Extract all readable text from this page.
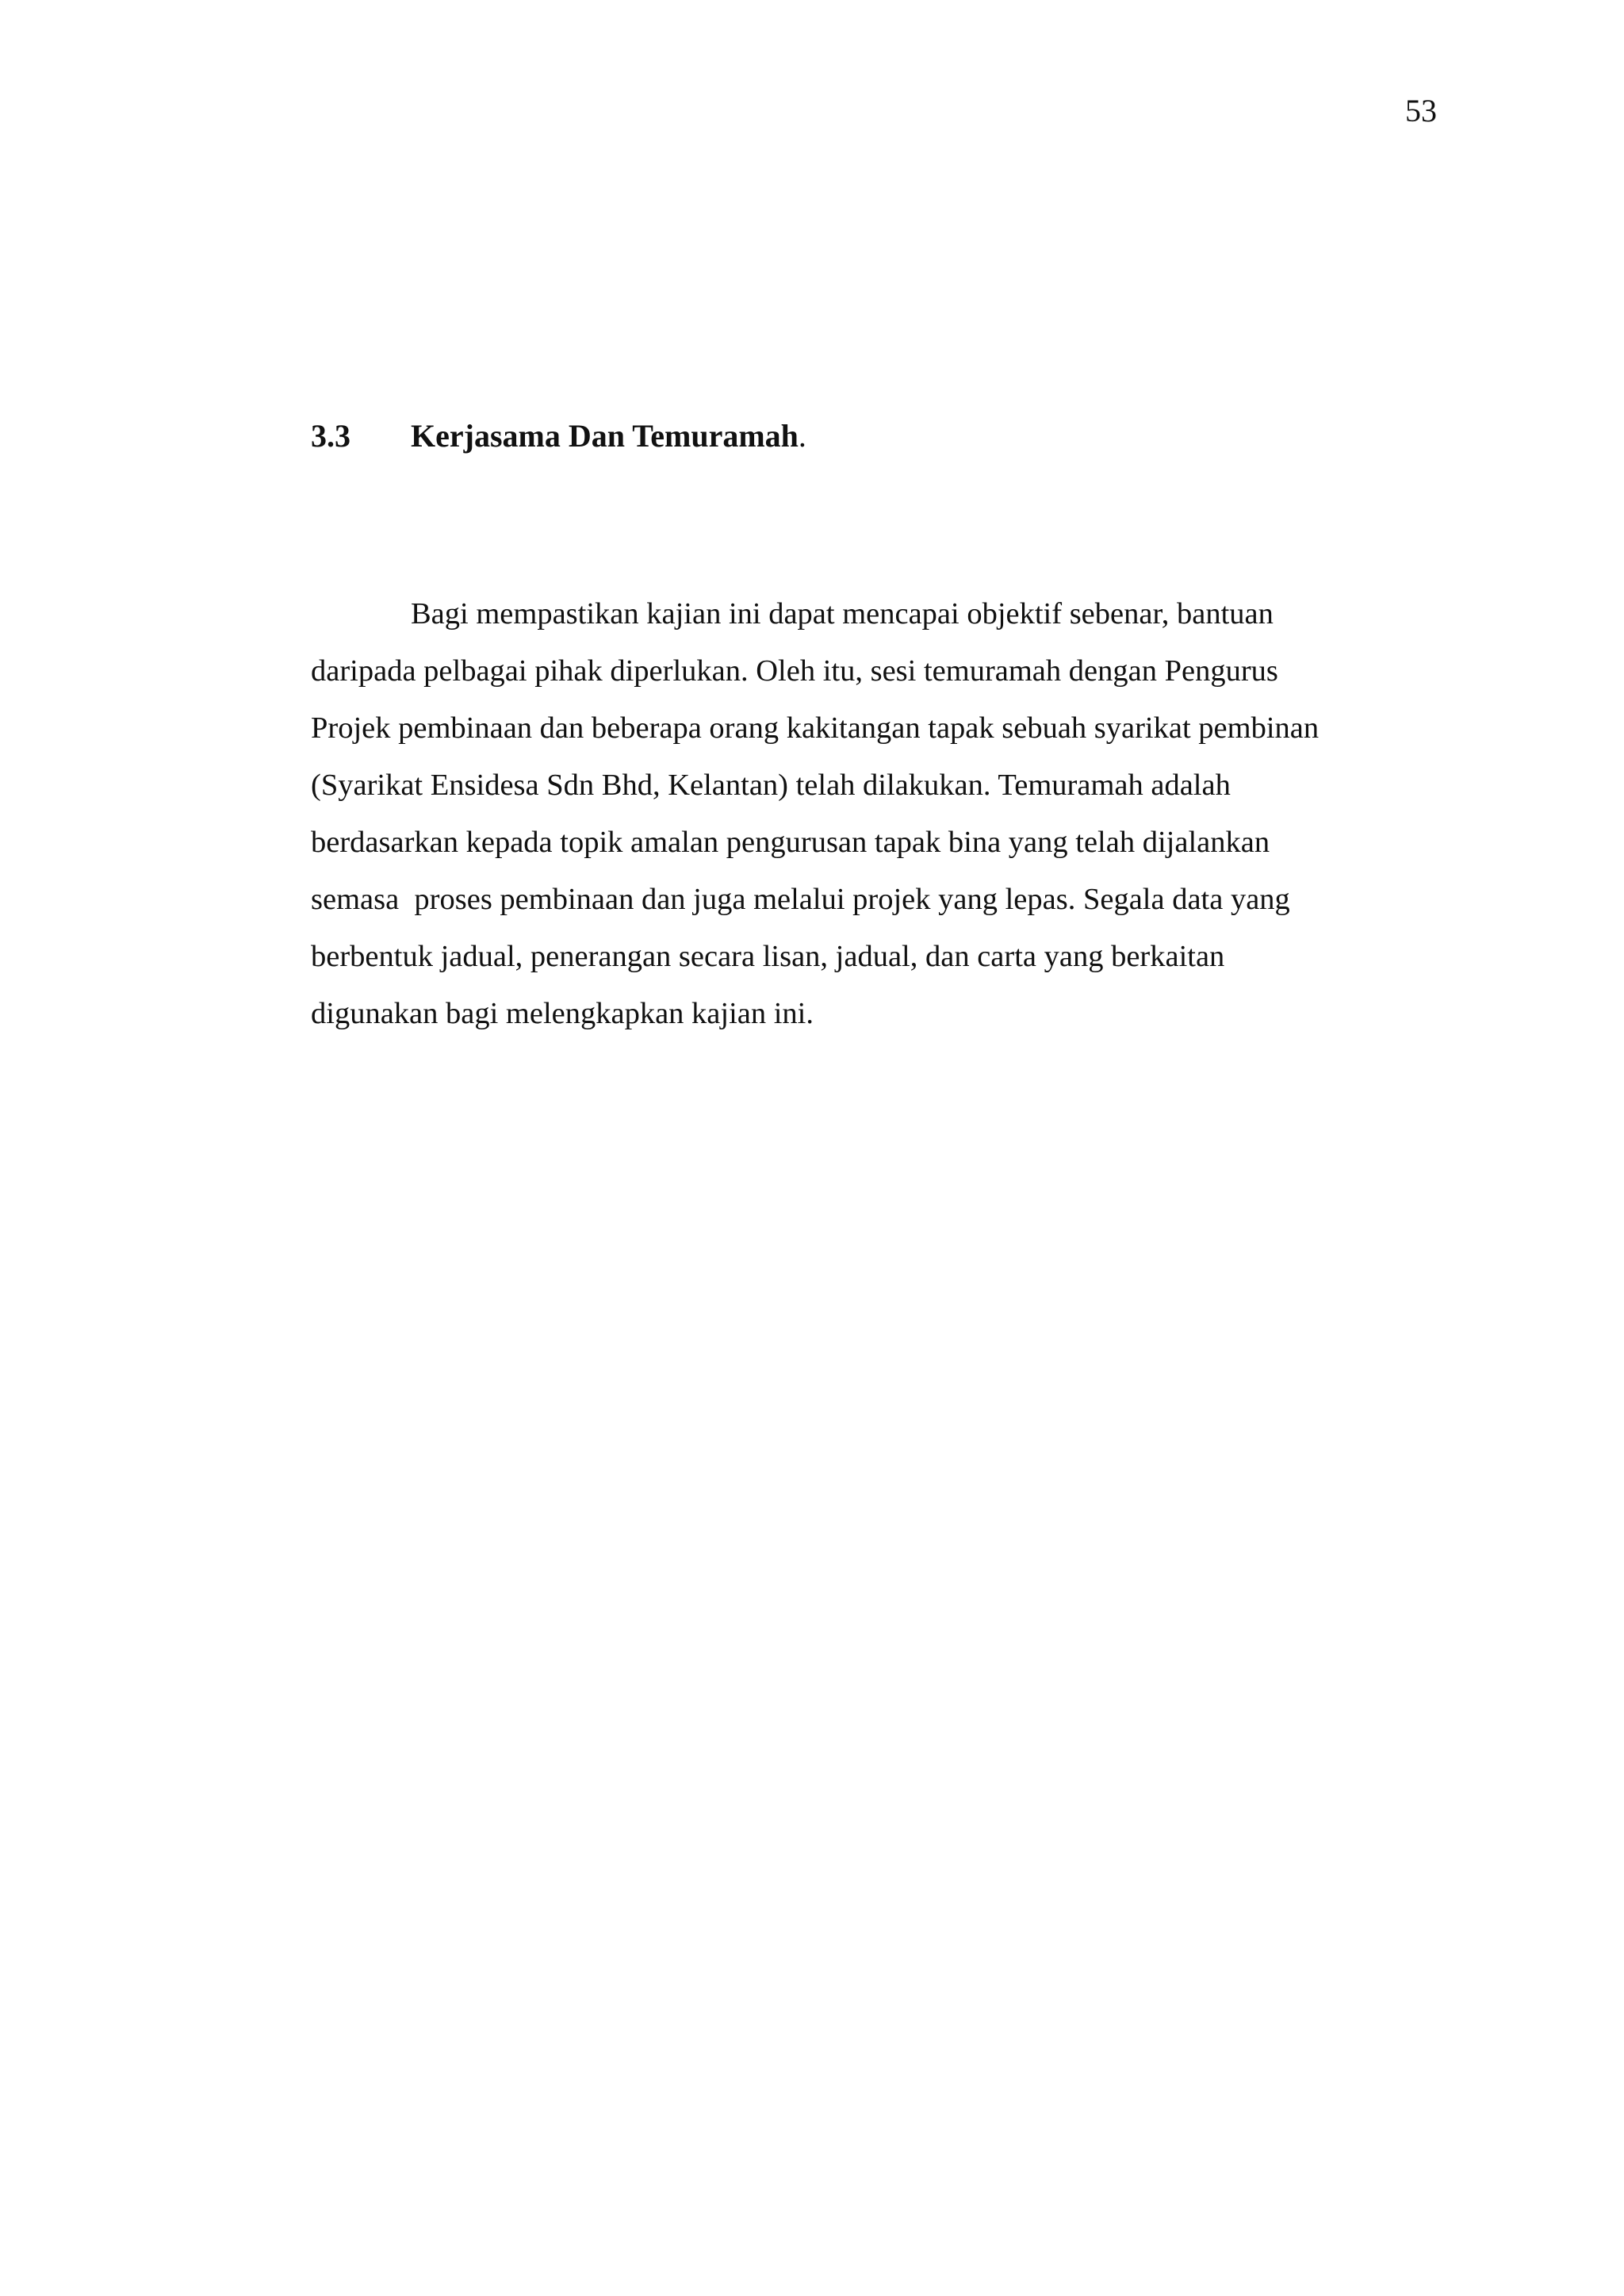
53
3.3 Kerjasama Dan Temuramah.
Bagi mempastikan kajian ini dapat mencapai objektif sebenar, bantuan
daripada pelbagai pihak diperlukan. Oleh itu, sesi temuramah dengan Pengurus
Projek pembinaan dan beberapa orang kakitangan tapak sebuah syarikat pembinan
(Syarikat Ensidesa Sdn Bhd, Kelantan) telah dilakukan. Temuramah adalah
berdasarkan kepada topik amalan pengurusan tapak bina yang telah dijalankan
semasa  proses pembinaan dan juga melalui projek yang lepas. Segala data yang
berbentuk jadual, penerangan secara lisan, jadual, dan carta yang berkaitan
digunakan bagi melengkapkan kajian ini.
